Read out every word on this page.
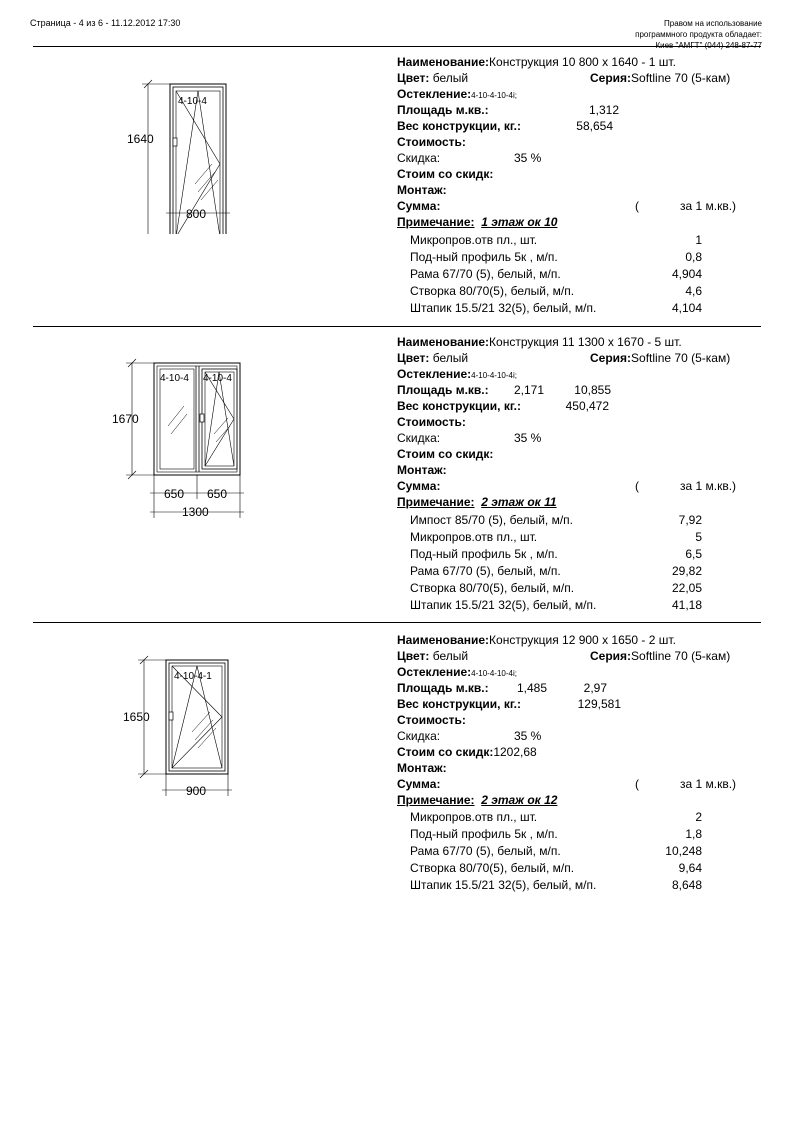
Страница - 4 из 6 - 11.12.2012 17:30	Правом на использование
программного продукта обладает:
Киев "АМГТ" (044) 248-87-77
4-10-4
1640
800
Наименование:Конструкция 10 800 x 1640 - 1 шт.
Цвет: белый	Серия:Softline 70 (5-кам)
Остекление:4-10-4-10-4i;
Площадь м.кв.:	1,312
Вес конструкции, кг.:	58,654
Стоимость:
Скидка:	35 %
Стоим со скидк:
Монтаж:
Сумма:	(	за 1 м.кв.)
Примечание: 1 этаж ок 10
Микропров.отв пл., шт.	1
Под-ный профиль 5к , м/п.	0,8
Рама 67/70 (5), белый, м/п.	4,904
Створка 80/70(5), белый, м/п.	4,6
Штапик 15.5/21 32(5), белый, м/п.	4,104
4-10-4 4-10-4
1670
650 650
1300
Наименование:Конструкция 11 1300 x 1670 - 5 шт.
Цвет: белый	Серия:Softline 70 (5-кам)
Остекление:4-10-4-10-4i;
Площадь м.кв.:	2,171	10,855
Вес конструкции, кг.:	450,472
Стоимость:
Скидка:	35 %
Стоим со скидк:
Монтаж:
Сумма:	(	за 1 м.кв.)
Примечание: 2 этаж ок 11
Импост 85/70 (5), белый, м/п.	7,92
Микропров.отв пл., шт.	5
Под-ный профиль 5к , м/п.	6,5
Рама 67/70 (5), белый, м/п.	29,82
Створка 80/70(5), белый, м/п.	22,05
Штапик 15.5/21 32(5), белый, м/п.	41,18
4-10-4-1
1650
900
Наименование:Конструкция 12 900 x 1650 - 2 шт.
Цвет: белый	Серия:Softline 70 (5-кам)
Остекление:4-10-4-10-4i;
Площадь м.кв.:	1,485	2,97
Вес конструкции, кг.:	129,581
Стоимость:
Скидка:	35 %
Стоим со скидк:1202,68
Монтаж:
Сумма:	(	за 1 м.кв.)
Примечание: 2 этаж ок 12
Микропров.отв пл., шт.	2
Под-ный профиль 5к , м/п.	1,8
Рама 67/70 (5), белый, м/п.	10,248
Створка 80/70(5), белый, м/п.	9,64
Штапик 15.5/21 32(5), белый, м/п.	8,648
